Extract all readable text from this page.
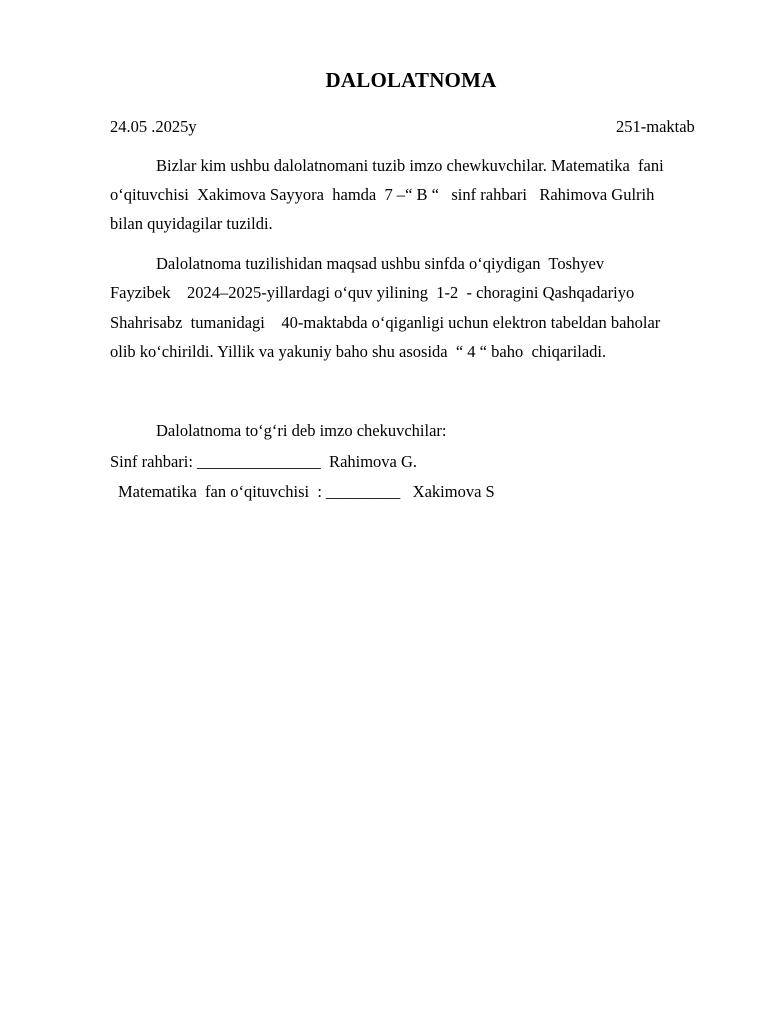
DALOLATNOMA
24.05 .2025y	251-maktab
Bizlar kim ushbu dalolatnomani tuzib imzo chewkuvchilar. Matematika  fani
o‘qituvchisi  Xakimova Sayyora  hamda  7 –“ B “   sinf rahbari   Rahimova Gulrih
bilan quyidagilar tuzildi.
Dalolatnoma tuzilishidan maqsad ushbu sinfda o‘qiydigan  Toshyev
Fayzibek    2024–2025-yillardagi o‘quv yilining  1-2  - choragini Qashqadariyo
Shahrisabz  tumanidagi    40-maktabda o‘qiganligi uchun elektron tabeldan baholar
olib ko‘chirildi. Yillik va yakuniy baho shu asosida  “ 4 “ baho  chiqariladi.
Dalolatnoma to‘g‘ri deb imzo chekuvchilar:
Sinf rahbari: _______________  Rahimova G.
Matematika  fan o‘qituvchisi  : _________   Xakimova S
